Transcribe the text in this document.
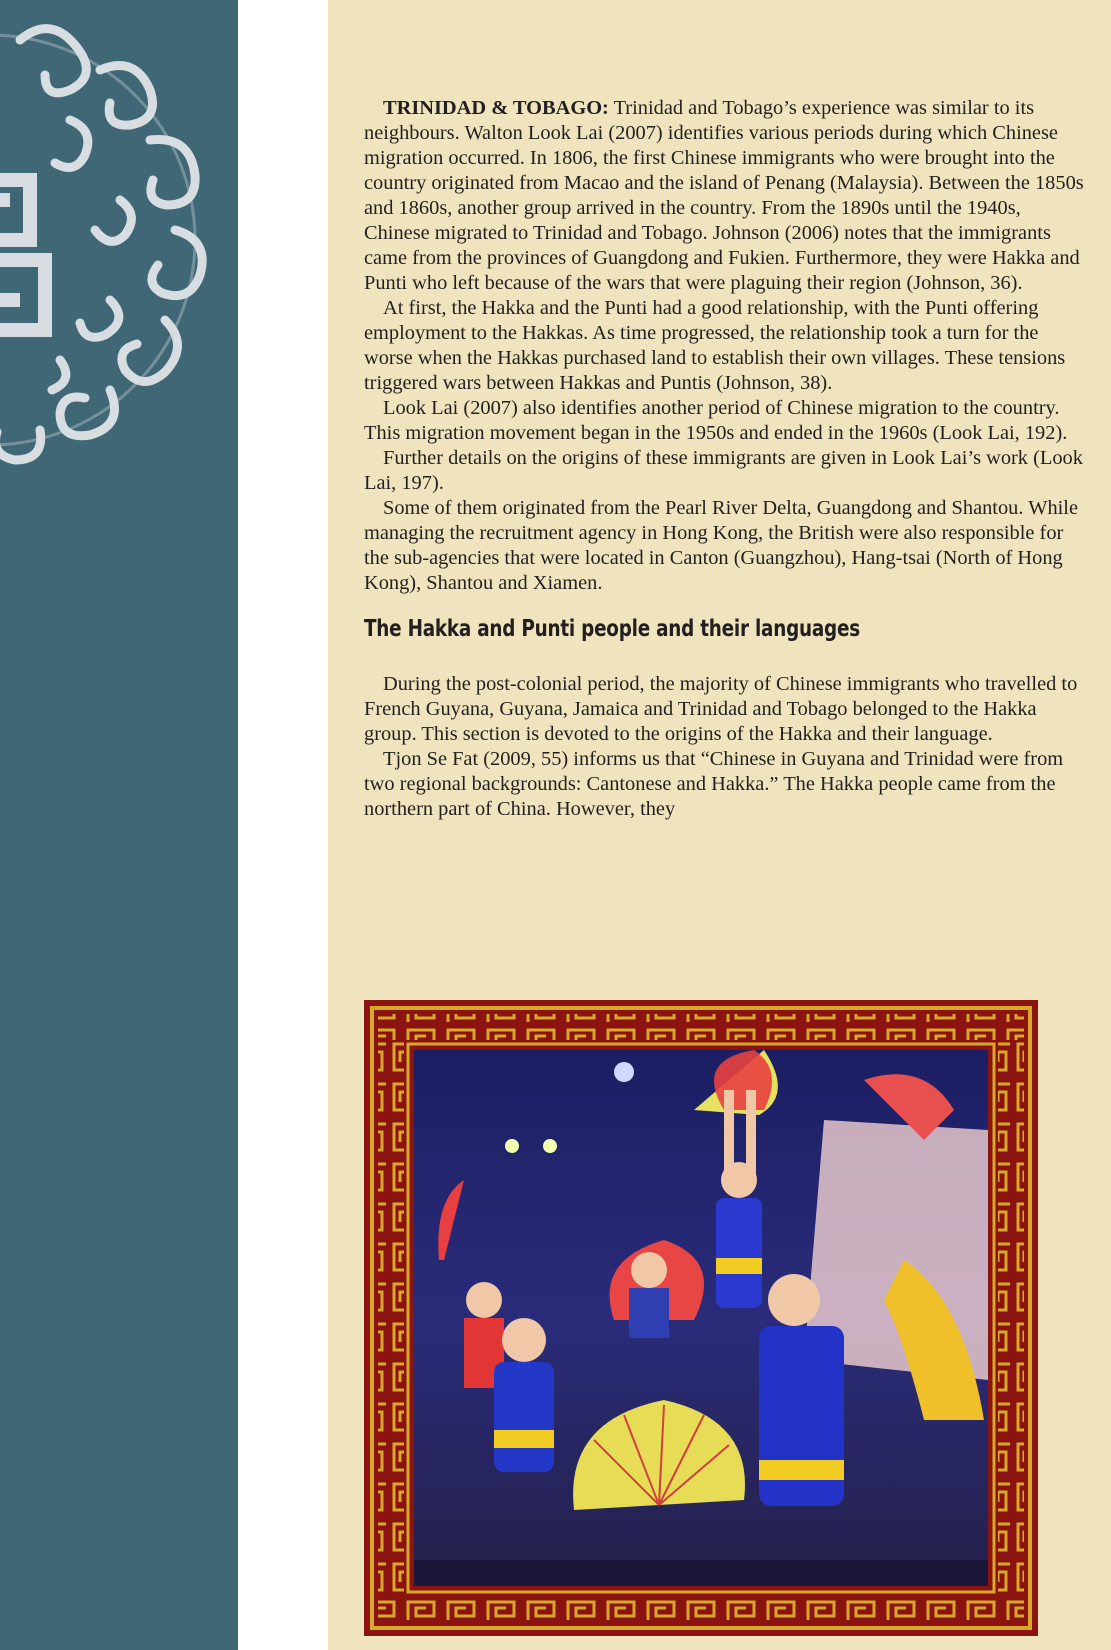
TRINIDAD & TOBAGO: Trinidad and Tobago’s experience was similar to its neighbours. Walton Look Lai (2007) identifies various periods during which Chinese migration occurred. In 1806, the first Chinese immigrants who were brought into the country originated from Macao and the island of Penang (Malaysia). Between the 1850s and 1860s, another group arrived in the country. From the 1890s until the 1940s, Chinese migrated to Trinidad and Tobago. Johnson (2006) notes that the immigrants came from the provinces of Guangdong and Fukien. Furthermore, they were Hakka and Punti who left because of the wars that were plaguing their region (Johnson, 36).

At first, the Hakka and the Punti had a good relationship, with the Punti offering employment to the Hakkas. As time progressed, the relationship took a turn for the worse when the Hakkas purchased land to establish their own villages. These tensions triggered wars between Hakkas and Puntis (Johnson, 38).

Look Lai (2007) also identifies another period of Chinese migration to the country. This migration movement began in the 1950s and ended in the 1960s (Look Lai, 192).

Further details on the origins of these immigrants are given in Look Lai’s work (Look Lai, 197).

Some of them originated from the Pearl River Delta, Guangdong and Shantou. While managing the recruitment agency in Hong Kong, the British were also responsible for the sub-agencies that were located in Canton (Guangzhou), Hang-tsai (North of Hong Kong), Shantou and Xiamen.

The Hakka and Punti people and their languages

During the post-colonial period, the majority of Chinese immigrants who travelled to French Guyana, Guyana, Jamaica and Trinidad and Tobago belonged to the Hakka group. This section is devoted to the origins of the Hakka and their language.

Tjon Se Fat (2009, 55) informs us that “Chinese in Guyana and Trinidad were from two regional backgrounds: Cantonese and Hakka.” The Hakka people came from the northern part of China. However, they
